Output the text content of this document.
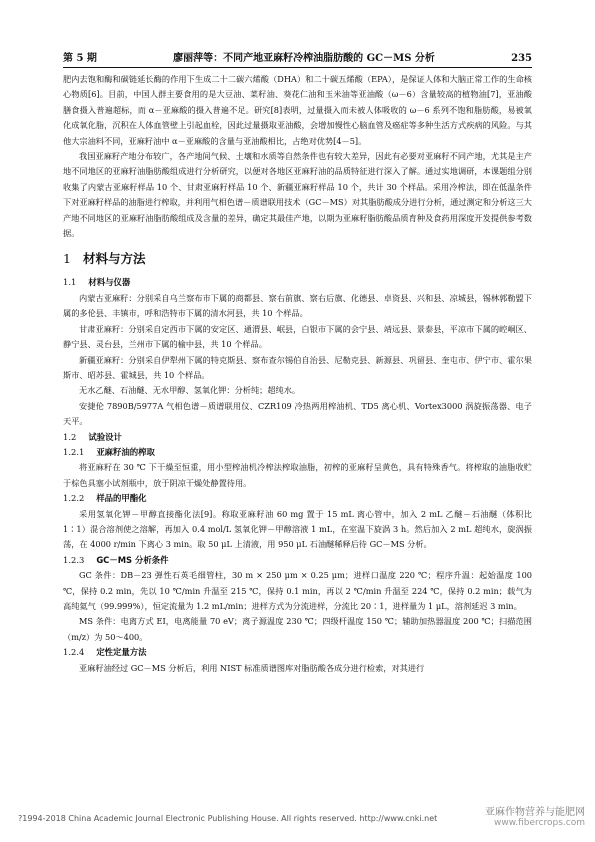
第 5 期	廖丽萍等：不同产地亚麻籽冷榨油脂肪酸的 GC－MS 分析	235

肥内去饱和酶和碳链延长酶的作用下生成二十二碳六烯酸（DHA）和二十碳五烯酸（EPA），是保证人体和大脑正常工作的生命核心物质[6]。目前，中国人群主要食用的是大豆油、菜籽油、葵花仁油和玉米油等亚油酸（ω－6）含量较高的植物油[7]，亚油酸膳食摄入普遍超标，而 α－亚麻酸的摄入普遍不足。研究[8]表明，过量摄入而未被人体吸收的 ω－6 系列不饱和脂肪酸，易被氧化成氧化脂，沉积在人体血管壁上引起血栓，因此过量摄取亚油酸，会增加慢性心脑血管及癌症等多种生活方式疾病的风险。与其他大宗油料不同，亚麻籽油中 α－亚麻酸的含量与亚油酸相比，占绝对优势[4－5]。

我国亚麻籽产地分布较广，各产地间气候、土壤和水质等自然条件也有较大差异，因此有必要对亚麻籽不同产地，尤其是主产地不同地区的亚麻籽油脂肪酸组成进行分析研究，以便对各地区亚麻籽油的品质特征进行深入了解。通过实地调研，本课题组分别收集了内蒙古亚麻籽样品 10 个、甘肃亚麻籽样品 10 个、新疆亚麻籽样品 10 个，共计 30 个样品。采用冷榨法，即在低温条件下对亚麻籽样品的油脂进行榨取，并利用气相色谱－质谱联用技术（GC－MS）对其脂肪酸成分进行分析，通过测定和分析这三大产地不同地区的亚麻籽油脂肪酸组成及含量的差异，确定其最佳产地，以期为亚麻籽脂肪酸品质育种及食药用深度开发提供参考数据。

1 材料与方法
1.1 材料与仪器

内蒙古亚麻籽：分别采自乌兰察布市下属的商都县、察右前旗、察右后旗、化德县、卓资县、兴和县、凉城县，锡林郭勒盟下属的多伦县、丰镇市，呼和浩特市下属的清水河县，共 10 个样品。

甘肃亚麻籽：分别采自定西市下属的安定区、通渭县、岷县，白银市下属的会宁县、靖远县、景泰县，平凉市下属的崆峒区、静宁县、灵台县，兰州市下属的榆中县，共 10 个样品。

新疆亚麻籽：分别采自伊犁州下属的特克斯县、察布查尔锡伯自治县、尼勒克县、新源县、巩留县、奎屯市、伊宁市、霍尔果斯市、昭苏县、霍城县，共 10 个样品。

无水乙醚、石油醚、无水甲醇、氢氧化钾：分析纯；超纯水。

安捷伦 7890B/5977A 气相色谱－质谱联用仪、CZR109 冷热两用榨油机、TD5 离心机、Vortex3000 涡旋振荡器、电子天平。

1.2 试验设计
1.2.1 亚麻籽油的榨取

将亚麻籽在 30 ℃ 下干燥至恒重，用小型榨油机冷榨法榨取油脂，初榨的亚麻籽呈黄色，具有特殊香气。将榨取的油脂收贮于棕色具塞小试剂瓶中，放于阴凉干燥处静置待用。

1.2.2 样品的甲酯化

采用氢氧化钾－甲醇直接酯化法[9]。称取亚麻籽油 60 mg 置于 15 mL 离心管中，加入 2 mL 乙醚－石油醚（体积比 1∶1）混合溶剂使之溶解，再加入 0.4 mol/L 氢氧化钾－甲醇溶液 1 mL，在室温下旋涡 3 h。然后加入 2 mL 超纯水，旋涡振荡，在 4000 r/min 下离心 3 min。取 50 μL 上清液，用 950 μL 石油醚稀释后待 GC－MS 分析。

1.2.3 GC－MS 分析条件

GC 条件：DB－23 弹性石英毛细管柱，30 m × 250 μm × 0.25 μm；进样口温度 220 ℃；程序升温：起始温度 100 ℃，保持 0.2 min，先以 10 ℃/min 升温至 215 ℃，保持 0.1 min，再以 2 ℃/min 升温至 224 ℃，保持 0.2 min；载气为高纯氦气（99.999%），恒定流量为 1.2 mL/min；进样方式为分流进样，分流比 20∶1，进样量为 1 μL，溶剂延迟 3 min。

MS 条件：电离方式 EI，电离能量 70 eV；离子源温度 230 ℃；四级杆温度 150 ℃；辅助加热器温度 200 ℃；扫描范围（m/z）为 50～400。

1.2.4 定性定量方法

亚麻籽油经过 GC－MS 分析后，利用 NIST 标准质谱图库对脂肪酸各成分进行检索，对其进行

?1994-2018 China Academic Journal Electronic Publishing House. All rights reserved. http://www.cnki.net	亚麻作物营养与能肥网
www.fibercrops.com
